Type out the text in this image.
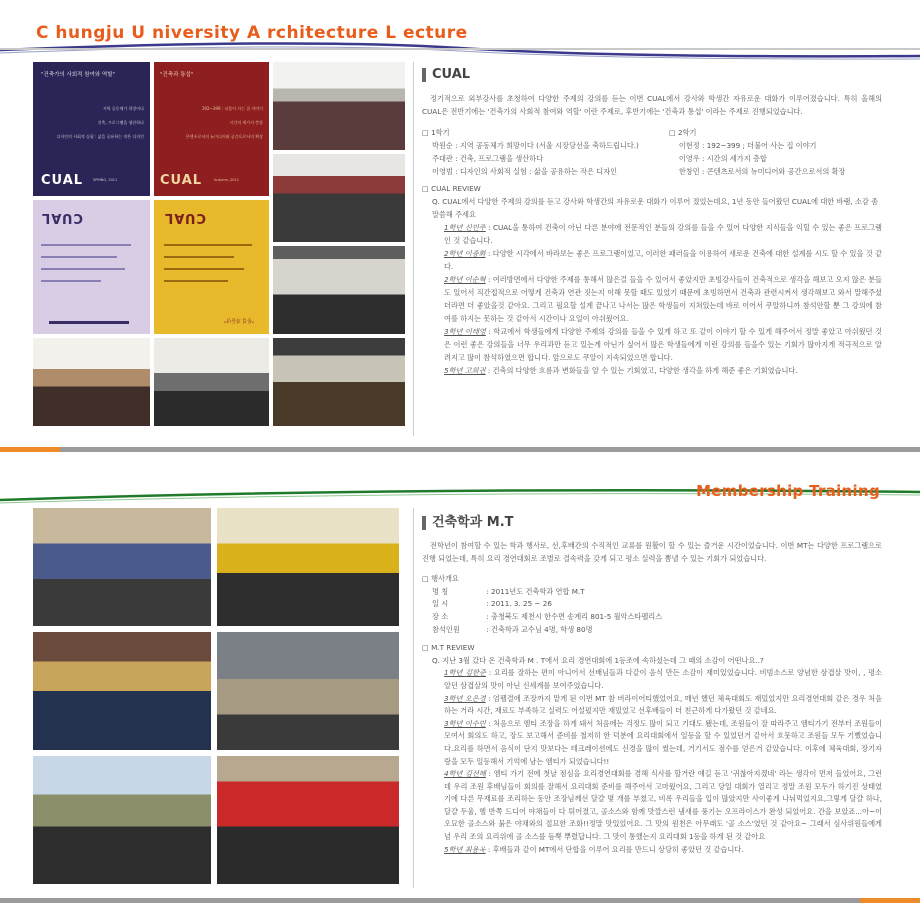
C hungju U niversity A rchitecture L ecture
"건축가의 사회적 참여와 역할"
지역 공동체가 희망이다
건축, 프로그램을 생산하다
디자인의 사회적 실험 : 삶을 공유하는 작은 디자인
CUAL	SPRING, 2011
"건축과 통섭"
192~399 : 더불어 사는 집 이야기
시간의 세가지 층합
콘텐츠로서의 뉴미디어와 공간으로서의 확장
CUAL	Autumn, 2011
CUAL	CUAL
"통섭 과돋당"
CUAL

정기적으로 외부강사를 초청하여 다양한 주제의 강의를 듣는 이번 CUAL에서 강사와 학생간 자유로운 대화가 이루어졌습니다. 특히 올해의 CUAL은 전반기에는 '건축가의 사회적 참여와 역할' 이란 주제로, 후반기에는 '건축과 통섭' 이라는 주제로 진행되었습니다.

□ 1학기
박원순 : 지역 공동체가 희망이다 (서울 시장당선을 축하드립니다.)
주대관 : 건축, 프로그램을 생산하다
이영범 : 디자인의 사회적 실험 : 삶을 공유하는 작은 디자인
□ 2학기
이현정 : 192~399 ; 더불어 사는 집 이야기
이영우 : 시간의 세가지 층합
한창민 : 콘텐츠로서의 뉴미디어와 공간으로서의 확장
□ CUAL REVIEW
Q. CUAL에서 다양한 주제의 강의를 듣고 강사와 학생간의 자유로운 대화가 이루어 졌었는데요, 1년 동안 들어왔던 CUAL에 대한 바램, 소감 좀 말씀해 주세요
1학년 신민주 : CUAL을 통하여 건축이 아닌 다른 분야에 전문적인 분들의 강의를 들을 수 있어 다양한 지식들을 익힐 수 있는 좋은 프로그램인 것 같습니다.
2학년 이종화 : 다양한 시각에서 바라보는 좋은 프로그램이었고, 이러한 패러들을 이용하여 새로운 건축에 대한 설계를 시도 할 수 있을 것 같다.
2학년 이순혁 : 여러방면에서 다양한 주제를 통해서 많은걸 들을 수 있어서 좋았지만 초빙강사들이 건축적으로 생각을 해보고 오지 않은 분들도 있어서 직간접적으로 어떻게 건축과 연관 짓는지 이해 못할 때도 있었기 때문에 초빙하면서 건축과 관련시켜서 생각해보고 와서 말해주셨더라면 더 좋았을것 같아요. 그리고 필요할 설계 끝나고 나서는 많은 학생들이 지쳐있는데 바로 이어서 쿠알하니까 참석안할 뿐 그 강의에 참여를 하지는 못하는 것 같아서 시간이나 요일이 아쉬웠어요.
3학년 이태영 : 학교에서 학생들에게 다양한 주제의 강의를 들을 수 있게 하고 또 같이 이야기 할 수 있게 해주어서 정말 좋았고 아쉬웠던 것은 이런 좋은 강의들을 너무 우리과만 듣고 있는게 아닌가 싶어서 많은 학생들에게 이런 강의를 들을수 있는 기회가 많아지게 적극적으로 알려지고 많이 참석하였으면 합니다. 앞으로도 쿠알이 지속되었으면 합니다.
5학년 고희권 : 건축의 다양한 흐름과 변화들을 알 수 있는 기회였고, 다양한 생각을 하게 해준 좋은 기회였습니다.
Membership Training
건축학과 M.T

전학년이 참여할 수 있는 학과 행사로, 선,후배간의 수직적인 교류를 원활이 할 수 있는 즐거운 시간이었습니다. 이번 MT는 다양한 프로그램으로 진행 되었는데, 특히 요리 경연대회로 조별로 결속력을 갖게 되고 평소 실력을 뽐낼 수 있는 기회가 되었습니다.

□ 행사개요
명 칭	: 2011년도 건축학과 연합 M.T
일 시	: 2011. 3. 25 ~ 26
장 소	: 충청북도 제천시 한수면 송계리 801-5 월악스타펠리스
참석인원	: 건축학과 교수님 4명, 학생 80명
□ M.T REVIEW
Q. 지난 3월 갔다 온 건축학과 M . T에서 요리 경연대회에 1등조에 속하셨는데 그 때의 소감이 어떤나요..?
1학년 김한준 : 요리를 잘하는 편이 아니어서 선배님들과 다같이 음식 만든 소감이 재미있었습니다. 비빔소스로 양념한 삼겹살 맛이, , 평소 알던 삼겹살의 맛이 아닌 신세계를 보여주었습니다.
3학년 오은경 : 엄펠결에 조장까지 맡게 된 이번 MT 참 버라이어티했었어요, 매년 했던 체육대회도 재밌었지만 요리경연대회 같은 경우 처음 하는 거라 시간, 재료도 부족하고 실력도 어설펐지만 재밌었고 선후배들이 더 친근하게 다가왔던 것 같네요.
3학년 이수민 : 처음으로 엠티 조장을 하게 돼서 처음에는 걱정도 많이 되고 기대도 됐는데, 조원들이 잘 따라주고 엠티가기 전부터 조원들이 모여서 회의도 하고, 장도 보고해서 준비를 철저히 한 덕분에 요리대회에서 일등을 할 수 있었던거 같아서 흐뭇하고 조원들 모두 기뻤었습니다.요리를 하면서 음식이 단지 맛보다는 테크레이션에도 신경을 많이 썼는데, 거기서도 점수를 얻은거 같았습니다. 이후에 체육대회, 장기자랑을 모두 일등해서 기억에 남는 엠티가 되었습니다!!
4학년 김선혜 : 엠티 가기 전에 첫날 점심을 요리경연대회를 겸해 식사를 할거란 얘길 듣고 '귀찮아지겠네' 라는 생각이 먼저 들었어요, 그런데 우리 조원 후배님들이 회의를 잘해서 요리대회 준비를 해주어서 고마웠어요, 그리고 당일 대회가 열리고 정말 조원 모두가 하기진 상태였기에 다른 무재료를 조리하는 동안 조장님께선 달걀 몇 개를 부쳤고, 비록 우리들을 입이 많았지만 사이좋게 나눠먹었지요,그렇게 달걀 하나, 달걀 두울, 헬 반쪽 드디어 야채들이 다 튀어졌고, 골소스와 함께 맛깔스런 냄새를 풍기는 오프라이스가 완성 되었어요. 간을 보았죠...아~이 오묘한 골소스와 묽은 야채와의 절묘한 조화!!정말 맛있었어요. 그 맛의 원천은 아무래도 '골 소스'였던 것 같아요~ 그래서 심사위원들에게 넘 우리 조의 요리위에 골 소스를 듬뿍 뿌렸답니다. 그 맛이 통했는지 요리대회 1등을 하게 된 것 같아요
5학년 최용욱 : 후배들과 같이 MT에서 단합을 이루어 요리를 만드니 상당히 좋았던 것 같습니다.
